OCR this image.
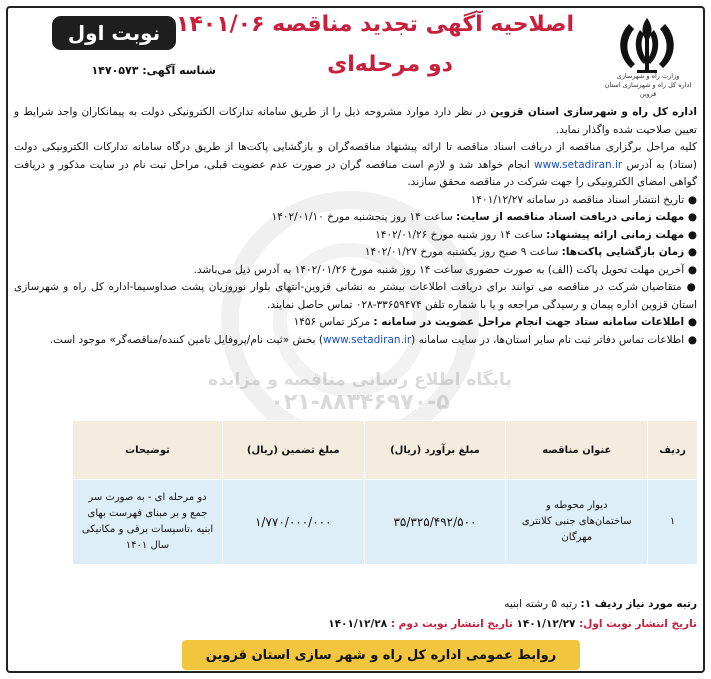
وزارت راه و شهرسازی
اداره کل راه و شهرسازی استان قزوین
اصلاحیه آگهی تجدید مناقصه ۱۴۰۱/۰۶
دو مرحله‌ای
نوبت اول
شناسه آگهی: ۱۴۷۰۵۷۳
پایگاه اطلاع رسانی مناقصه و مزایده
۰۲۱-۸۸۳۴۶۹۷۰-۵

اداره کل راه و شهرسازی استان قزوین در نظر دارد موارد مشروحه ذیل را از طریق سامانه تدارکات الکترونیکی دولت به پیمانکاران واجد شرایط و تعیین صلاحیت شده واگذار نماید.

کلیه مراحل برگزاری مناقصه از دریافت اسناد مناقصه تا ارائه پیشنهاد مناقصه‌گران و بازگشایی پاکت‌ها از طریق درگاه سامانه تدارکات الکترونیکی دولت (ستاد) به آدرس www.setadiran.ir انجام خواهد شد و لازم است مناقصه گران در صورت عدم عضویت قبلی، مراحل ثبت نام در سایت مذکور و دریافت گواهی امضای الکترونیکی را جهت شرکت در مناقصه محقق سازند.

● تاریخ انتشار اسناد مناقصه در سامانه ۱۴۰۱/۱۲/۲۷

● مهلت زمانی دریافت اسناد مناقصه از سایت: ساعت ۱۴ روز پنجشنبه مورخ ۱۴۰۲/۰۱/۱۰

● مهلت زمانی ارائه پیشنهاد: ساعت ۱۴ روز شنبه مورخ ۱۴۰۲/۰۱/۲۶

● زمان بازگشایی پاکت‌ها: ساعت ۹ صبح روز یکشنبه مورخ ۱۴۰۲/۰۱/۲۷

● آخرین مهلت تحویل پاکت (الف) به صورت حضوری ساعت ۱۴ روز شنبه مورخ ۱۴۰۲/۰۱/۲۶ به آدرس ذیل می‌باشد.

● متقاضیان شرکت در مناقصه می توانند برای دریافت اطلاعات بیشتر به نشانی قزوین-انتهای بلوار نوروزیان پشت صداوسیما-اداره کل راه و شهرسازی استان قزوین اداره پیمان و رسیدگی مراجعه و یا با شماره تلفن ۳۳۶۵۹۴۷۴-۰۲۸ تماس حاصل نمایند.

● اطلاعات سامانه ستاد جهت انجام مراحل عضویت در سامانه : مرکز تماس ۱۴۵۶

● اطلاعات تماس دفاتر ثبت نام سایر استان‌ها، در سایت سامانه (www.setadiran.ir) بخش «ثبت نام/پروفایل تامین کننده/مناقصه‌گر» موجود است.

ردیف	عنوان مناقصه	مبلغ برآورد (ریال)	مبلغ تضمین (ریال)	توضیحات
۱	دیوار محوطه و ساختمان‌های جنبی کلانتری مهرگان	۳۵/۳۲۵/۴۹۲/۵۰۰	۱/۷۷۰/۰۰۰/۰۰۰	دو مرحله ای - به صورت سر جمع و بر مبنای فهرست بهای ابنیه ،تاسیسات برقی و مکانیکی سال ۱۴۰۱
رتبه مورد نیاز ردیف ۱: رتبه ۵ رشته ابنیه
تاریخ انتشار نوبت اول: ۱۴۰۱/۱۲/۲۷ تاریخ انتشار نوبت دوم : ۱۴۰۱/۱۲/۲۸
روابط عمومی اداره کل راه و شهر سازی استان قزوین
